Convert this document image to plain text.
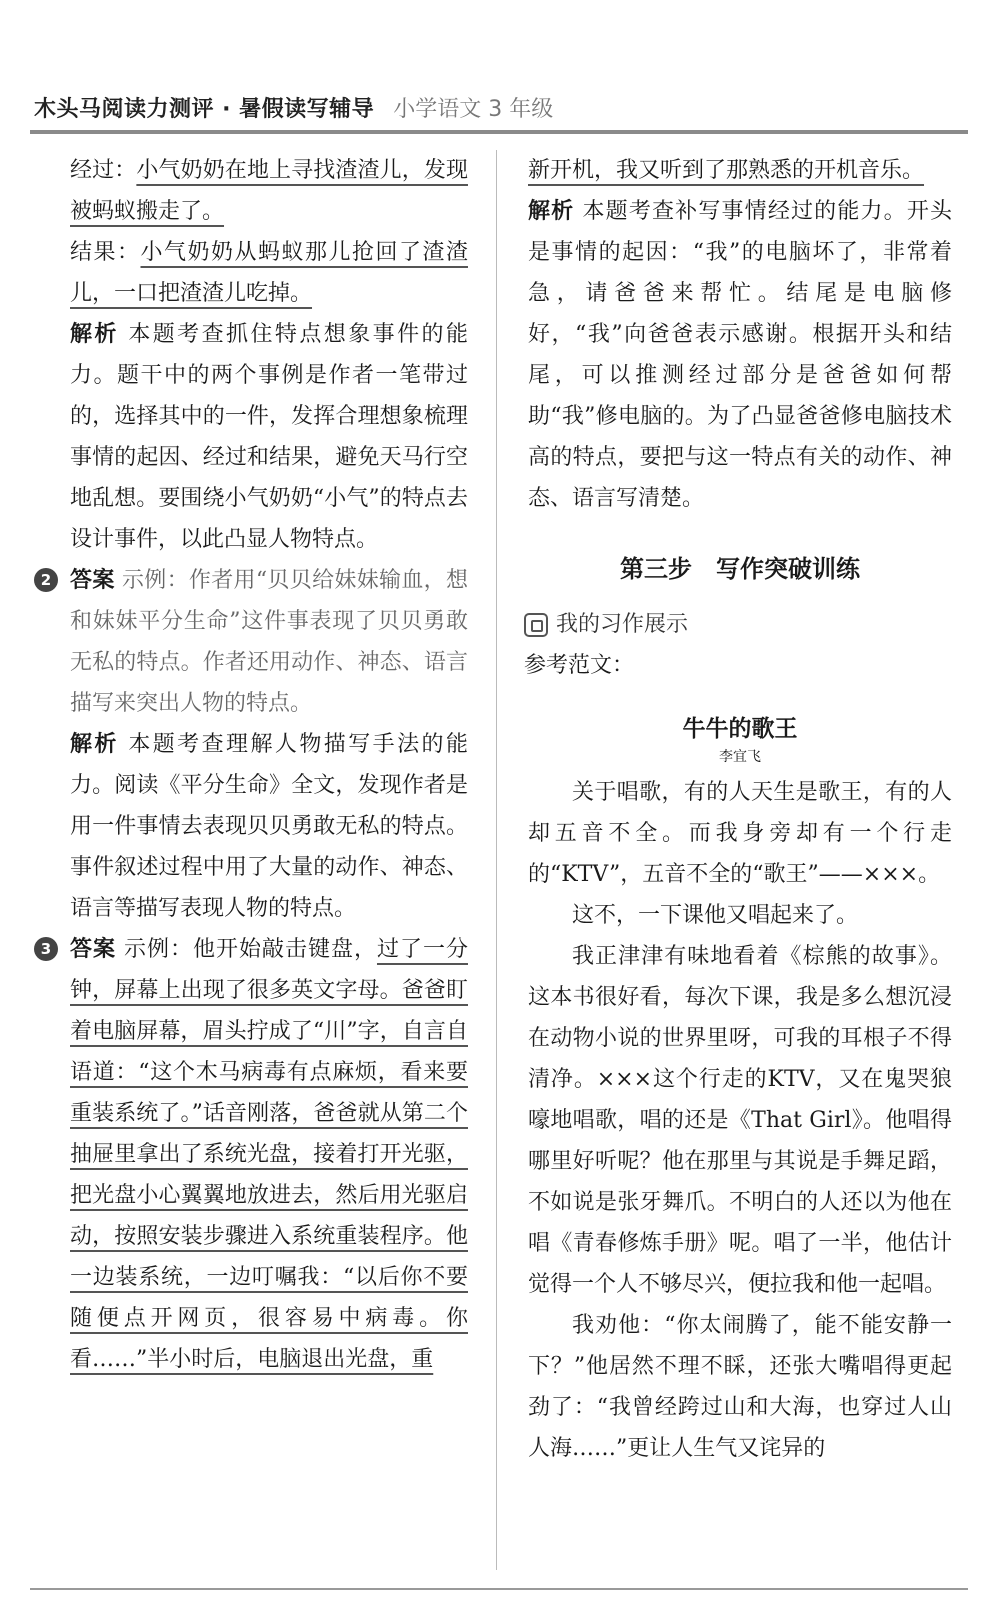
木头马阅读力测评 · 暑假读写辅导 小学语文 3 年级

经过：小气奶奶在地上寻找渣渣儿，发现被蚂蚁搬走了。

结果：小气奶奶从蚂蚁那儿抢回了渣渣儿，一口把渣渣儿吃掉。

解析 本题考查抓住特点想象事件的能力。题干中的两个事例是作者一笔带过的，选择其中的一件，发挥合理想象梳理事情的起因、经过和结果，避免天马行空地乱想。要围绕小气奶奶“小气”的特点去设计事件，以此凸显人物特点。

2 答案 示例：作者用“贝贝给妹妹输血，想和妹妹平分生命”这件事表现了贝贝勇敢无私的特点。作者还用动作、神态、语言描写来突出人物的特点。

解析 本题考查理解人物描写手法的能力。阅读《平分生命》全文，发现作者是用一件事情去表现贝贝勇敢无私的特点。事件叙述过程中用了大量的动作、神态、语言等描写表现人物的特点。

3 答案 示例：他开始敲击键盘，过了一分钟，屏幕上出现了很多英文字母。爸爸盯着电脑屏幕，眉头拧成了“川”字，自言自语道：“这个木马病毒有点麻烦，看来要重装系统了。”话音刚落，爸爸就从第二个抽屉里拿出了系统光盘，接着打开光驱，把光盘小心翼翼地放进去，然后用光驱启动，按照安装步骤进入系统重装程序。他一边装系统，一边叮嘱我：“以后你不要随便点开网页，很容易中病毒。你看……”半小时后，电脑退出光盘，重

新开机，我又听到了那熟悉的开机音乐。

解析 本题考查补写事情经过的能力。开头是事情的起因：“我”的电脑坏了，非常着急，请爸爸来帮忙。结尾是电脑修好，“我”向爸爸表示感谢。根据开头和结尾，可以推测经过部分是爸爸如何帮助“我”修电脑的。为了凸显爸爸修电脑技术高的特点，要把与这一特点有关的动作、神态、语言写清楚。

第三步　写作突破训练
我的习作展示

参考范文：

牛牛的歌王
李宜飞

关于唱歌，有的人天生是歌王，有的人却五音不全。而我身旁却有一个行走的“KTV”，五音不全的“歌王”——×××。

这不，一下课他又唱起来了。

我正津津有味地看着《棕熊的故事》。这本书很好看，每次下课，我是多么想沉浸在动物小说的世界里呀，可我的耳根子不得清净。×××这个行走的KTV，又在鬼哭狼嚎地唱歌，唱的还是《That Girl》。他唱得哪里好听呢？他在那里与其说是手舞足蹈，不如说是张牙舞爪。不明白的人还以为他在唱《青春修炼手册》呢。唱了一半，他估计觉得一个人不够尽兴，便拉我和他一起唱。

我劝他：“你太闹腾了，能不能安静一下？”他居然不理不睬，还张大嘴唱得更起劲了：“我曾经跨过山和大海，也穿过人山人海……”更让人生气又诧异的
